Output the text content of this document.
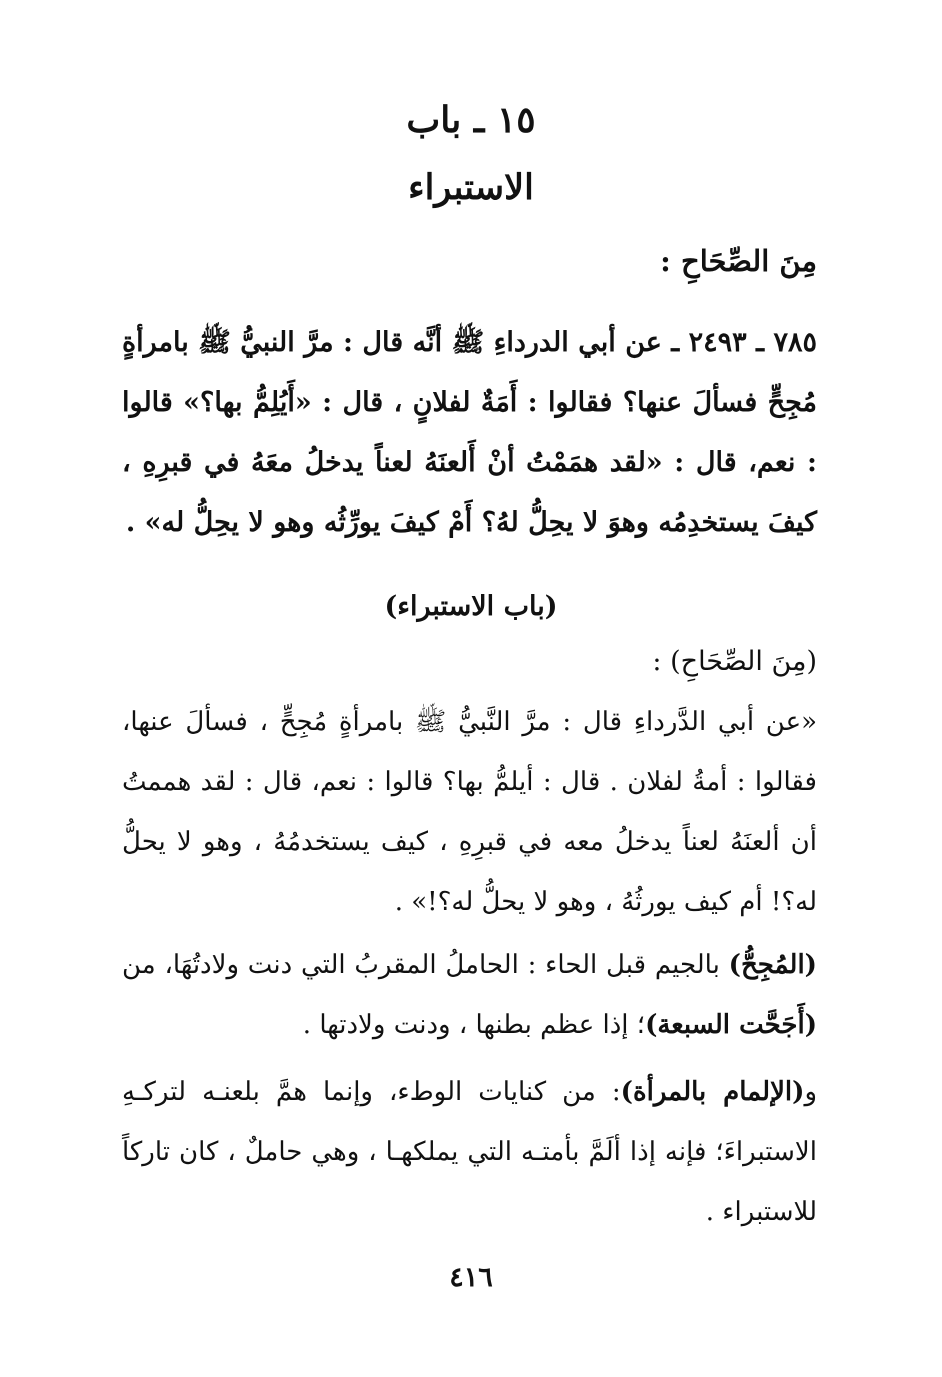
١٥ ـ باب
الاستبراء
مِنَ الصِّحَاحِ :
٧٨٥ ـ ٢٤٩٣ ـ عن أبي الدرداءِ ﷺ أنَّه قال : مرَّ النبيُّ ﷺ بامرأةٍ مُجِحٍّ فسألَ عنها؟ فقالوا : أَمَةٌ لفلانٍ ، قال : «أَيُلِمُّ بها؟» قالوا : نعم، قال : «لقد همَمْتُ أنْ أَلعنَهُ لعناً يدخلُ معَهُ في قبرِهِ ، كيفَ يستخدِمُه وهوَ لا يحِلُّ لهُ؟ أَمْ كيفَ يورِّثُه وهو لا يحِلُّ له» .
(باب الاستبراء)
(مِنَ الصِّحَاحِ) :
«عن أبي الدَّرداءِ قال : مرَّ النَّبيُّ ﷺ بامرأةٍ مُجِحٍّ ، فسألَ عنها، فقالوا : أمةُ لفلان . قال : أيلمُّ بها؟ قالوا : نعم، قال : لقد هممتُ أن ألعنَهُ لعناً يدخلُ معه في قبرِهِ ، كيف يستخدمُهُ ، وهو لا يحلُّ له؟! أم كيف يورثُهُ ، وهو لا يحلُّ له؟!» .
(المُجِحُّ) بالجيم قبل الحاء : الحاملُ المقربُ التي دنت ولادتُهَا، من (أَجَحَّت السبعة)؛ إذا عظم بطنها ، ودنت ولادتها .
و(الإلمام بالمرأة): من كنايات الوطء، وإنما همَّ بلعنـه لتركـهِ الاستبراءَ؛ فإنه إذا ألَمَّ بأمتـه التي يملكهـا ، وهي حاملٌ ، كان تاركاً للاستبراء .
٤١٦
